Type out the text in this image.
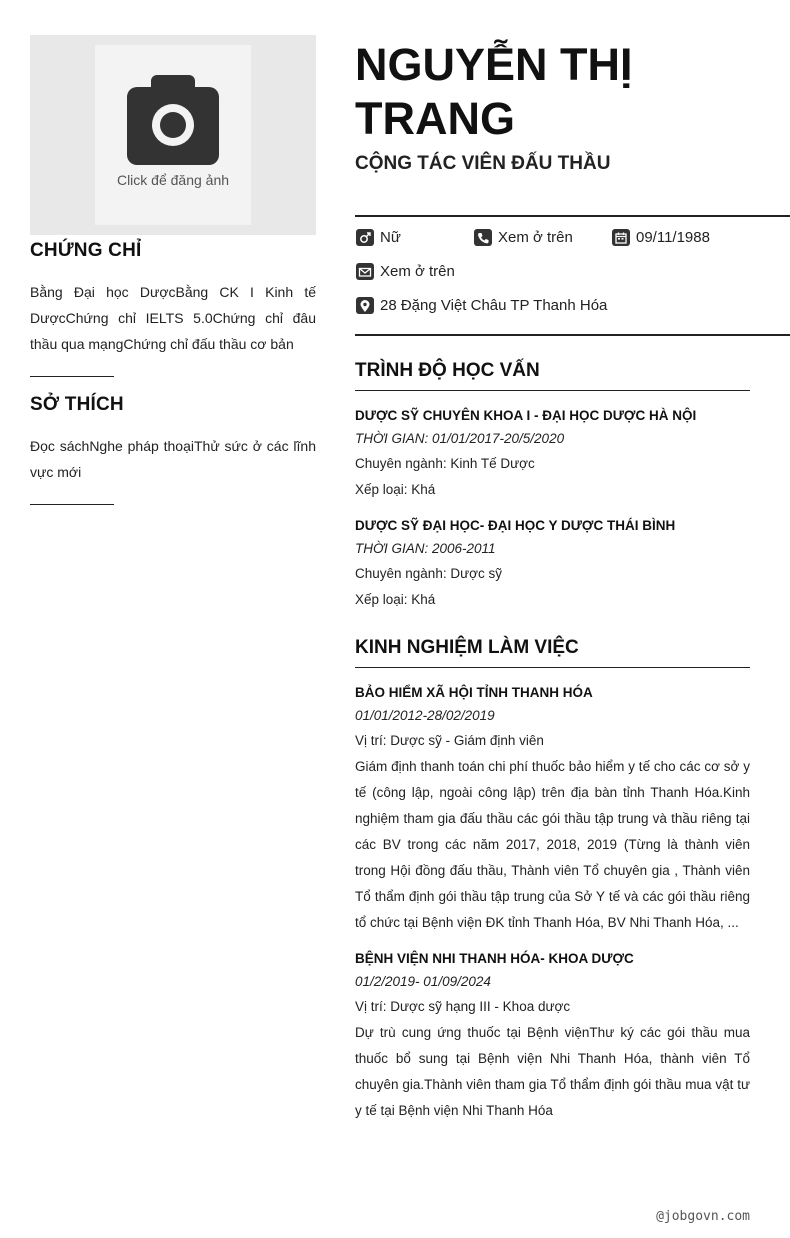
Click để đăng ảnh
CHỨNG CHỈ
Bằng Đại học DượcBằng CK I Kinh tế DượcChứng chỉ IELTS 5.0Chứng chỉ đâu thầu qua mạngChứng chỉ đấu thầu cơ bản
SỞ THÍCH
Đọc sáchNghe pháp thoạiThử sức ở các lĩnh vực mới
NGUYỄN THỊ TRANG
CỘNG TÁC VIÊN ĐẤU THẦU
Nữ	Xem ở trên	09/11/1988
Xem ở trên
28 Đặng Việt Châu TP Thanh Hóa
TRÌNH ĐỘ HỌC VẤN
DƯỢC SỸ CHUYÊN KHOA I - ĐẠI HỌC DƯỢC HÀ NỘI
THỜI GIAN: 01/01/2017-20/5/2020
Chuyên ngành: Kinh Tế Dược
Xếp loại: Khá
DƯỢC SỸ ĐẠI HỌC- ĐẠI HỌC Y DƯỢC THÁI BÌNH
THỜI GIAN: 2006-2011
Chuyên ngành: Dược sỹ
Xếp loại: Khá
KINH NGHIỆM LÀM VIỆC
BẢO HIỂM XÃ HỘI TỈNH THANH HÓA
01/01/2012-28/02/2019
Vị trí: Dược sỹ - Giám định viên
Giám định thanh toán chi phí thuốc bảo hiểm y tế cho các cơ sở y tế (công lập, ngoài công lập) trên địa bàn tỉnh Thanh Hóa.Kinh nghiệm tham gia đấu thầu các gói thầu tập trung và thầu riêng tại các BV trong các năm 2017, 2018, 2019 (Từng là thành viên trong Hội đồng đấu thầu, Thành viên Tổ chuyên gia , Thành viên Tổ thẩm định gói thầu tập trung của Sở Y tế và các gói thầu riêng tổ chức tại Bệnh viện ĐK tỉnh Thanh Hóa, BV Nhi Thanh Hóa, ...
BỆNH VIỆN NHI THANH HÓA- KHOA DƯỢC
01/2/2019- 01/09/2024
Vị trí: Dược sỹ hạng III - Khoa dược
Dự trù cung ứng thuốc tại Bệnh việnThư ký các gói thầu mua thuốc bổ sung tại Bệnh viện Nhi Thanh Hóa, thành viên Tổ chuyên gia.Thành viên tham gia Tổ thẩm định gói thầu mua vật tư y tế tại Bệnh viện Nhi Thanh Hóa
@jobgovn.com
